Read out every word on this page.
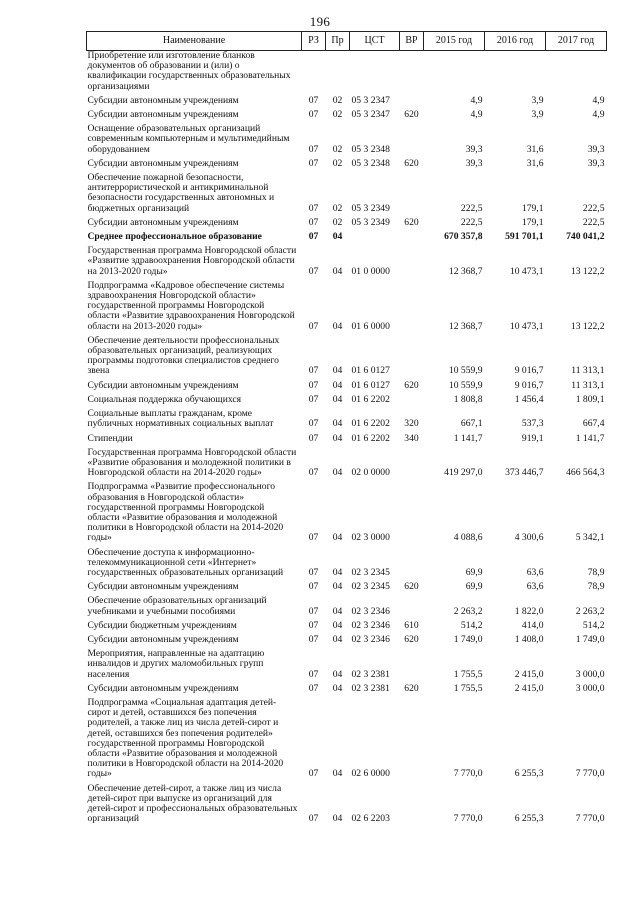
196
Наименование	РЗ	Пр	ЦСТ	ВР	2015 год	2016 год	2017 год
Приобретение или изготовление бланков документов об образовании и (или) о квалификации государственных образовательных организациями							
Субсидии автономным учреждениям	07	02	05 3 2347		4,9	3,9	4,9
Субсидии автономным учреждениям	07	02	05 3 2347	620	4,9	3,9	4,9
Оснащение образовательных организаций современным компьютерным и мультимедийным оборудованием	07	02	05 3 2348		39,3	31,6	39,3
Субсидии автономным учреждениям	07	02	05 3 2348	620	39,3	31,6	39,3
Обеспечение пожарной безопасности, антитеррористической и антикриминальной безопасности государственных автономных и бюджетных организаций	07	02	05 3 2349		222,5	179,1	222,5
Субсидии автономным учреждениям	07	02	05 3 2349	620	222,5	179,1	222,5
Среднее профессиональное образование	07	04			670 357,8	591 701,1	740 041,2
Государственная программа Новгородской области «Развитие здравоохранения Новгородской области на 2013-2020 годы»	07	04	01 0 0000		12 368,7	10 473,1	13 122,2
Подпрограмма «Кадровое обеспечение системы здравоохранения Новгородской области» государственной программы Новгородской области «Развитие здравоохранения Новгородской области на 2013-2020 годы»	07	04	01 6 0000		12 368,7	10 473,1	13 122,2
Обеспечение деятельности профессиональных образовательных организаций, реализующих программы подготовки специалистов среднего звена	07	04	01 6 0127		10 559,9	9 016,7	11 313,1
Субсидии автономным учреждениям	07	04	01 6 0127	620	10 559,9	9 016,7	11 313,1
Социальная поддержка обучающихся	07	04	01 6 2202		1 808,8	1 456,4	1 809,1
Социальные выплаты гражданам, кроме публичных нормативных социальных выплат	07	04	01 6 2202	320	667,1	537,3	667,4
Стипендии	07	04	01 6 2202	340	1 141,7	919,1	1 141,7
Государственная программа Новгородской области «Развитие образования и молодежной политики в Новгородской области на 2014-2020 годы»	07	04	02 0 0000		419 297,0	373 446,7	466 564,3
Подпрограмма «Развитие профессионального образования в Новгородской области» государственной программы Новгородской области «Развитие образования и молодежной политики в Новгородской области на 2014-2020 годы»	07	04	02 3 0000		4 088,6	4 300,6	5 342,1
Обеспечение доступа к информационно-телекоммуникационной сети «Интернет» государственных образовательных организаций	07	04	02 3 2345		69,9	63,6	78,9
Субсидии автономным учреждениям	07	04	02 3 2345	620	69,9	63,6	78,9
Обеспечение образовательных организаций учебниками и учебными пособиями	07	04	02 3 2346		2 263,2	1 822,0	2 263,2
Субсидии бюджетным учреждениям	07	04	02 3 2346	610	514,2	414,0	514,2
Субсидии автономным учреждениям	07	04	02 3 2346	620	1 749,0	1 408,0	1 749,0
Мероприятия, направленные на адаптацию инвалидов и других маломобильных групп населения	07	04	02 3 2381		1 755,5	2 415,0	3 000,0
Субсидии автономным учреждениям	07	04	02 3 2381	620	1 755,5	2 415,0	3 000,0
Подпрограмма «Социальная адаптация детей-сирот и детей, оставшихся без попечения родителей, а также лиц из числа детей-сирот и детей, оставшихся без попечения родителей» государственной программы Новгородской области «Развитие образования и молодежной политики в Новгородской области на 2014-2020 годы»	07	04	02 6 0000		7 770,0	6 255,3	7 770,0
Обеспечение детей-сирот, а также лиц из числа детей-сирот при выпуске из организаций для детей-сирот и профессиональных образовательных организаций	07	04	02 6 2203		7 770,0	6 255,3	7 770,0
